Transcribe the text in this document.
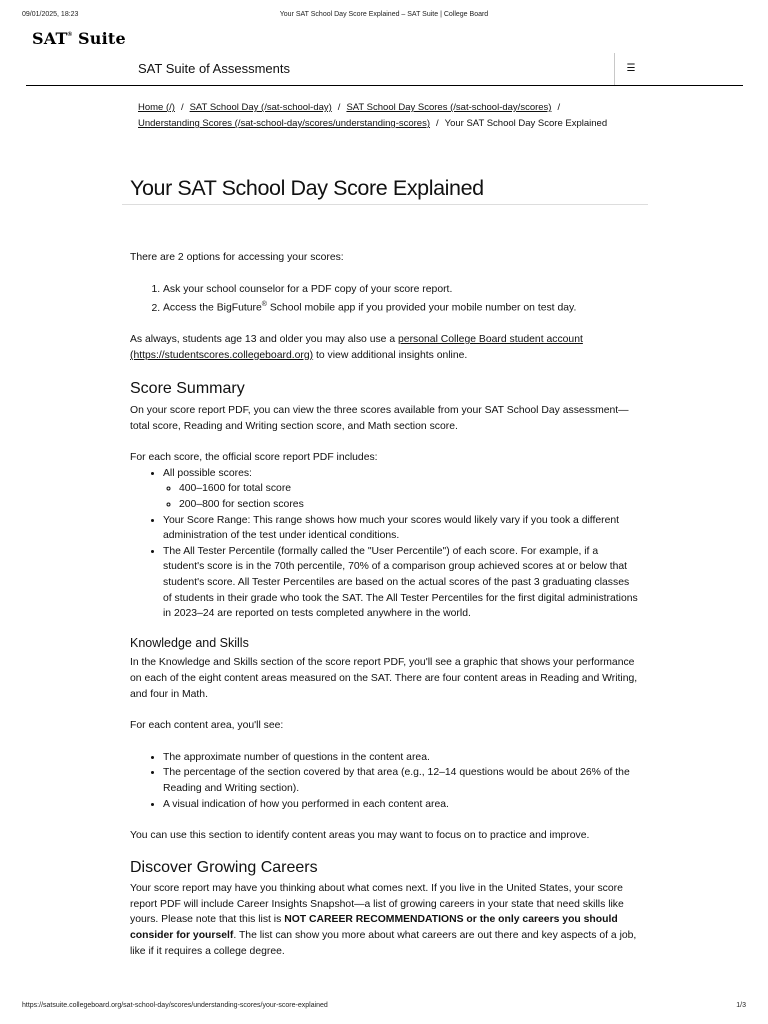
09/01/2025, 18:23	Your SAT School Day Score Explained – SAT Suite | College Board
SAT® Suite
SAT Suite of Assessments	☰
Home (/) / SAT School Day (/sat-school-day) / SAT School Day Scores (/sat-school-day/scores) /
Understanding Scores (/sat-school-day/scores/understanding-scores) / Your SAT School Day Score Explained
Your SAT School Day Score Explained

There are 2 options for accessing your scores:

1. Ask your school counselor for a PDF copy of your score report.
2. Access the BigFuture® School mobile app if you provided your mobile number on test day.

As always, students age 13 and older you may also use a personal College Board student account (https://studentscores.collegeboard.org) to view additional insights online.

Score Summary

On your score report PDF, you can view the three scores available from your SAT School Day assessment—total score, Reading and Writing section score, and Math section score.

For each score, the official score report PDF includes:

• All possible scores:
◦ 400–1600 for total score
◦ 200–800 for section scores
• Your Score Range: This range shows how much your scores would likely vary if you took a different administration of the test under identical conditions.
• The All Tester Percentile (formally called the "User Percentile") of each score. For example, if a student's score is in the 70th percentile, 70% of a comparison group achieved scores at or below that student's score. All Tester Percentiles are based on the actual scores of the past 3 graduating classes of students in their grade who took the SAT. The All Tester Percentiles for the first digital administrations in 2023–24 are reported on tests completed anywhere in the world.
Knowledge and Skills

In the Knowledge and Skills section of the score report PDF, you'll see a graphic that shows your performance on each of the eight content areas measured on the SAT. There are four content areas in Reading and Writing, and four in Math.

For each content area, you'll see:

• The approximate number of questions in the content area.
• The percentage of the section covered by that area (e.g., 12–14 questions would be about 26% of the Reading and Writing section).
• A visual indication of how you performed in each content area.

You can use this section to identify content areas you may want to focus on to practice and improve.

Discover Growing Careers

Your score report may have you thinking about what comes next. If you live in the United States, your score report PDF will include Career Insights Snapshot—a list of growing careers in your state that need skills like yours. Please note that this list is NOT CAREER RECOMMENDATIONS or the only careers you should consider for yourself. The list can show you more about what careers are out there and key aspects of a job, like if it requires a college degree.

https://satsuite.collegeboard.org/sat-school-day/scores/understanding-scores/your-score-explained	1/3
